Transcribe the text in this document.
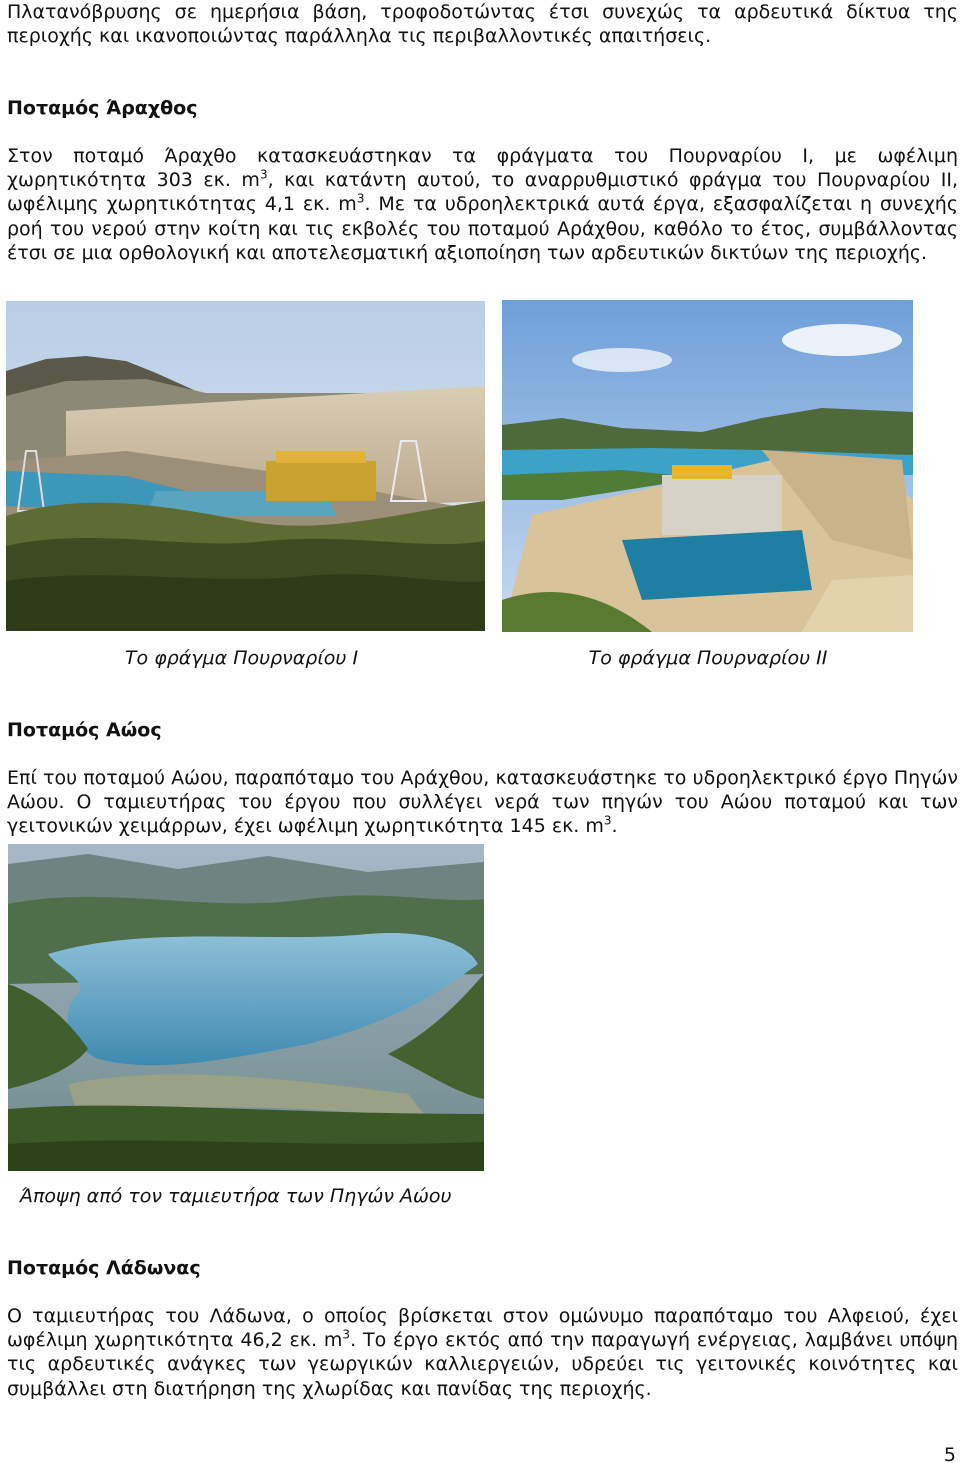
Πλατανόβρυσης σε ημερήσια βάση, τροφοδοτώντας έτσι συνεχώς τα αρδευτικά δίκτυα της περιοχής και ικανοποιώντας παράλληλα τις περιβαλλοντικές απαιτήσεις.

Ποταμός Άραχθος

Στον ποταμό Άραχθο κατασκευάστηκαν τα φράγματα του Πουρναρίου Ι, με ωφέλιμη χωρητικότητα 303 εκ. $m^3$, και κατάντη αυτού, το αναρρυθμιστικό φράγμα του Πουρναρίου ΙΙ, ωφέλιμης χωρητικότητας 4,1 εκ. $m^3$. Με τα υδροηλεκτρικά αυτά έργα, εξασφαλίζεται η συνεχής ροή του νερού στην κοίτη και τις εκβολές του ποταμού Αράχθου, καθόλο το έτος, συμβάλλοντας έτσι σε μια ορθολογική και αποτελεσματική αξιοποίηση των αρδευτικών δικτύων της περιοχής.

Το φράγμα Πουρναρίου Ι	Το φράγμα Πουρναρίου ΙΙ

Ποταμός Αώος

Επί του ποταμού Αώου, παραπόταμο του Αράχθου, κατασκευάστηκε το υδροηλεκτρικό έργο Πηγών Αώου. Ο ταμιευτήρας του έργου που συλλέγει νερά των πηγών του Αώου ποταμού και των γειτονικών χειμάρρων, έχει ωφέλιμη χωρητικότητα 145 εκ. $m^3$.

Άποψη από τον ταμιευτήρα των Πηγών Αώου

Ποταμός Λάδωνας

Ο ταμιευτήρας του Λάδωνα, ο οποίος βρίσκεται στον ομώνυμο παραπόταμο του Αλφειού, έχει ωφέλιμη χωρητικότητα 46,2 εκ. $m^3$. Το έργο εκτός από την παραγωγή ενέργειας, λαμβάνει υπόψη τις αρδευτικές ανάγκες των γεωργικών καλλιεργειών, υδρεύει τις γειτονικές κοινότητες και συμβάλλει στη διατήρηση της χλωρίδας και πανίδας της περιοχής.

5
